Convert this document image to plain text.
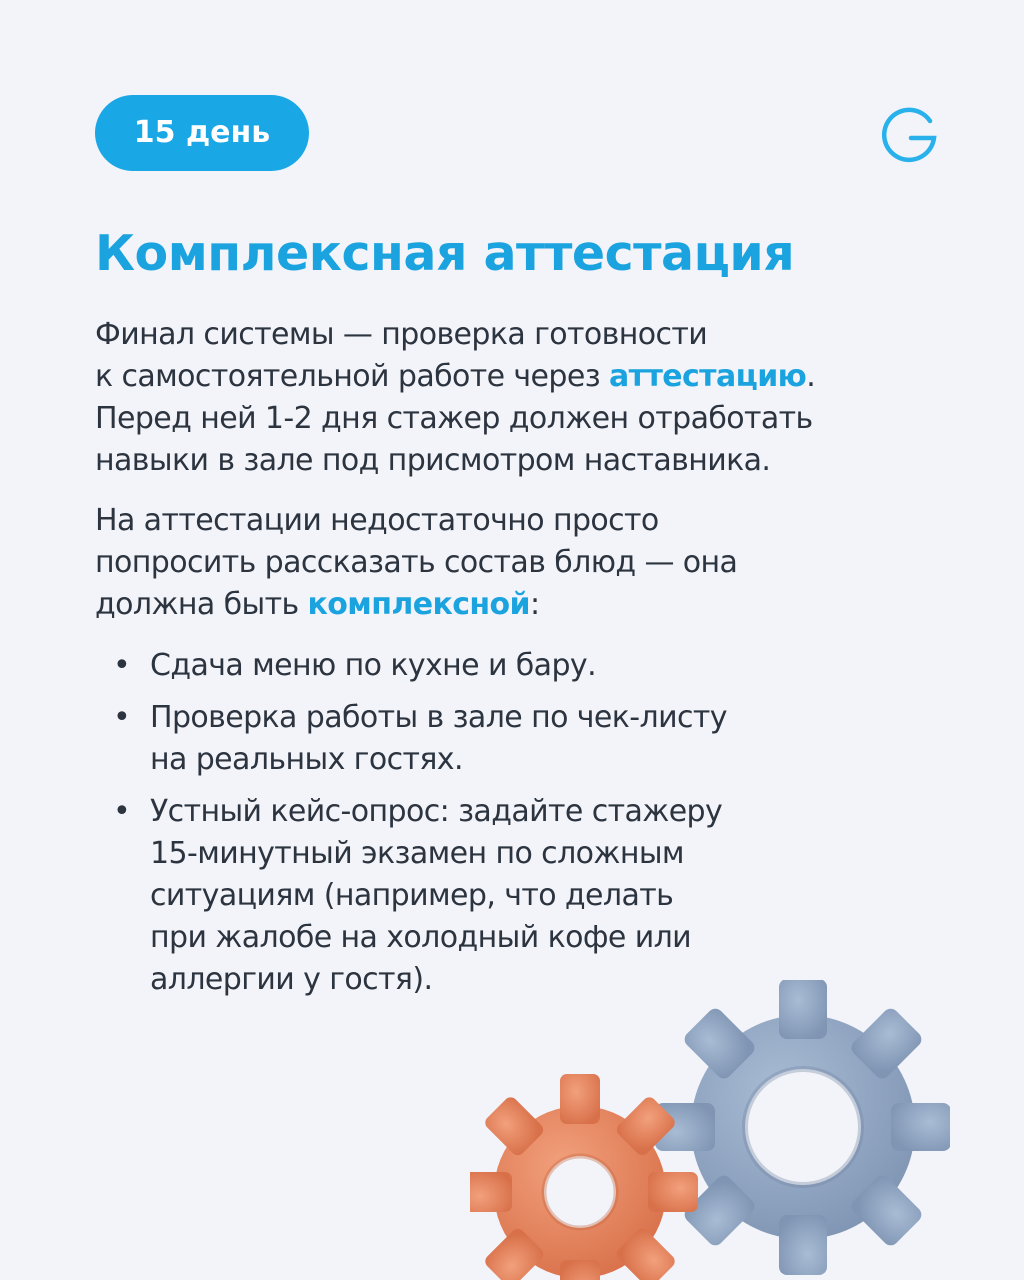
15 день
Комплексная аттестация

Финал системы — проверка готовности
к самостоятельной работе через аттестацию.
Перед ней 1-2 дня стажер должен отработать
навыки в зале под присмотром наставника.

На аттестации недостаточно просто
попросить рассказать состав блюд — она
должна быть комплексной:

• Сдача меню по кухне и бару.
• Проверка работы в зале по чек-листу
на реальных гостях.
• Устный кейс-опрос: задайте стажеру
15-минутный экзамен по сложным
ситуациям (например, что делать
при жалобе на холодный кофе или
аллергии у гостя).
